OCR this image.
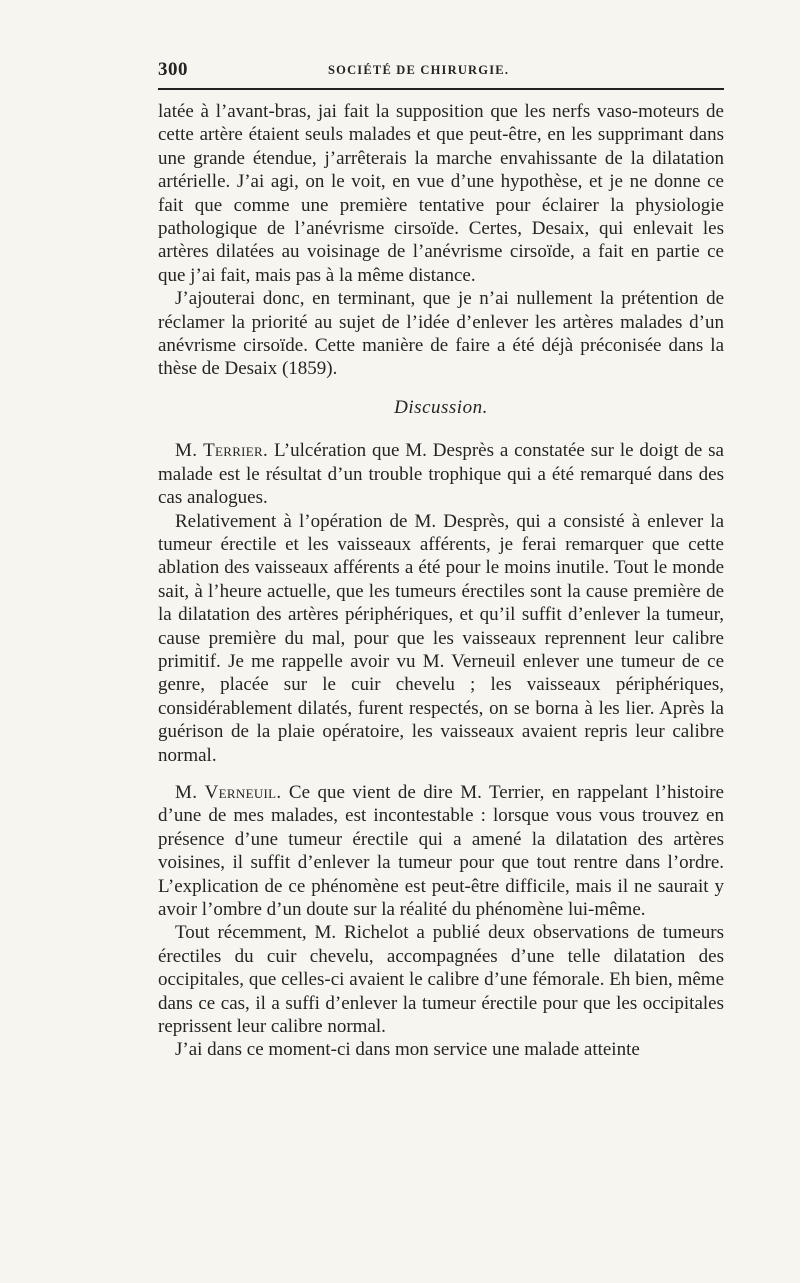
300	SOCIÉTÉ DE CHIRURGIE.

latée à l’avant-bras, jai fait la supposition que les nerfs vaso-moteurs de cette artère étaient seuls malades et que peut-être, en les supprimant dans une grande étendue, j’arrêterais la marche envahissante de la dilatation artérielle. J’ai agi, on le voit, en vue d’une hypothèse, et je ne donne ce fait que comme une première tentative pour éclairer la physiologie pathologique de l’anévrisme cirsoïde. Certes, Desaix, qui enlevait les artères dilatées au voisinage de l’anévrisme cirsoïde, a fait en partie ce que j’ai fait, mais pas à la même distance.

J’ajouterai donc, en terminant, que je n’ai nullement la prétention de réclamer la priorité au sujet de l’idée d’enlever les artères malades d’un anévrisme cirsoïde. Cette manière de faire a été déjà préconisée dans la thèse de Desaix (1859).

Discussion.

M. Terrier. L’ulcération que M. Desprès a constatée sur le doigt de sa malade est le résultat d’un trouble trophique qui a été remarqué dans des cas analogues.

Relativement à l’opération de M. Desprès, qui a consisté à enlever la tumeur érectile et les vaisseaux afférents, je ferai remarquer que cette ablation des vaisseaux afférents a été pour le moins inutile. Tout le monde sait, à l’heure actuelle, que les tumeurs érectiles sont la cause première de la dilatation des artères périphériques, et qu’il suffit d’enlever la tumeur, cause première du mal, pour que les vaisseaux reprennent leur calibre primitif. Je me rappelle avoir vu M. Verneuil enlever une tumeur de ce genre, placée sur le cuir chevelu ; les vaisseaux périphériques, considérablement dilatés, furent respectés, on se borna à les lier. Après la guérison de la plaie opératoire, les vaisseaux avaient repris leur calibre normal.

M. Verneuil. Ce que vient de dire M. Terrier, en rappelant l’histoire d’une de mes malades, est incontestable : lorsque vous vous trouvez en présence d’une tumeur érectile qui a amené la dilatation des artères voisines, il suffit d’enlever la tumeur pour que tout rentre dans l’ordre. L’explication de ce phénomène est peut-être difficile, mais il ne saurait y avoir l’ombre d’un doute sur la réalité du phénomène lui-même.

Tout récemment, M. Richelot a publié deux observations de tumeurs érectiles du cuir chevelu, accompagnées d’une telle dilatation des occipitales, que celles-ci avaient le calibre d’une fémorale. Eh bien, même dans ce cas, il a suffi d’enlever la tumeur érectile pour que les occipitales reprissent leur calibre normal.

J’ai dans ce moment-ci dans mon service une malade atteinte
